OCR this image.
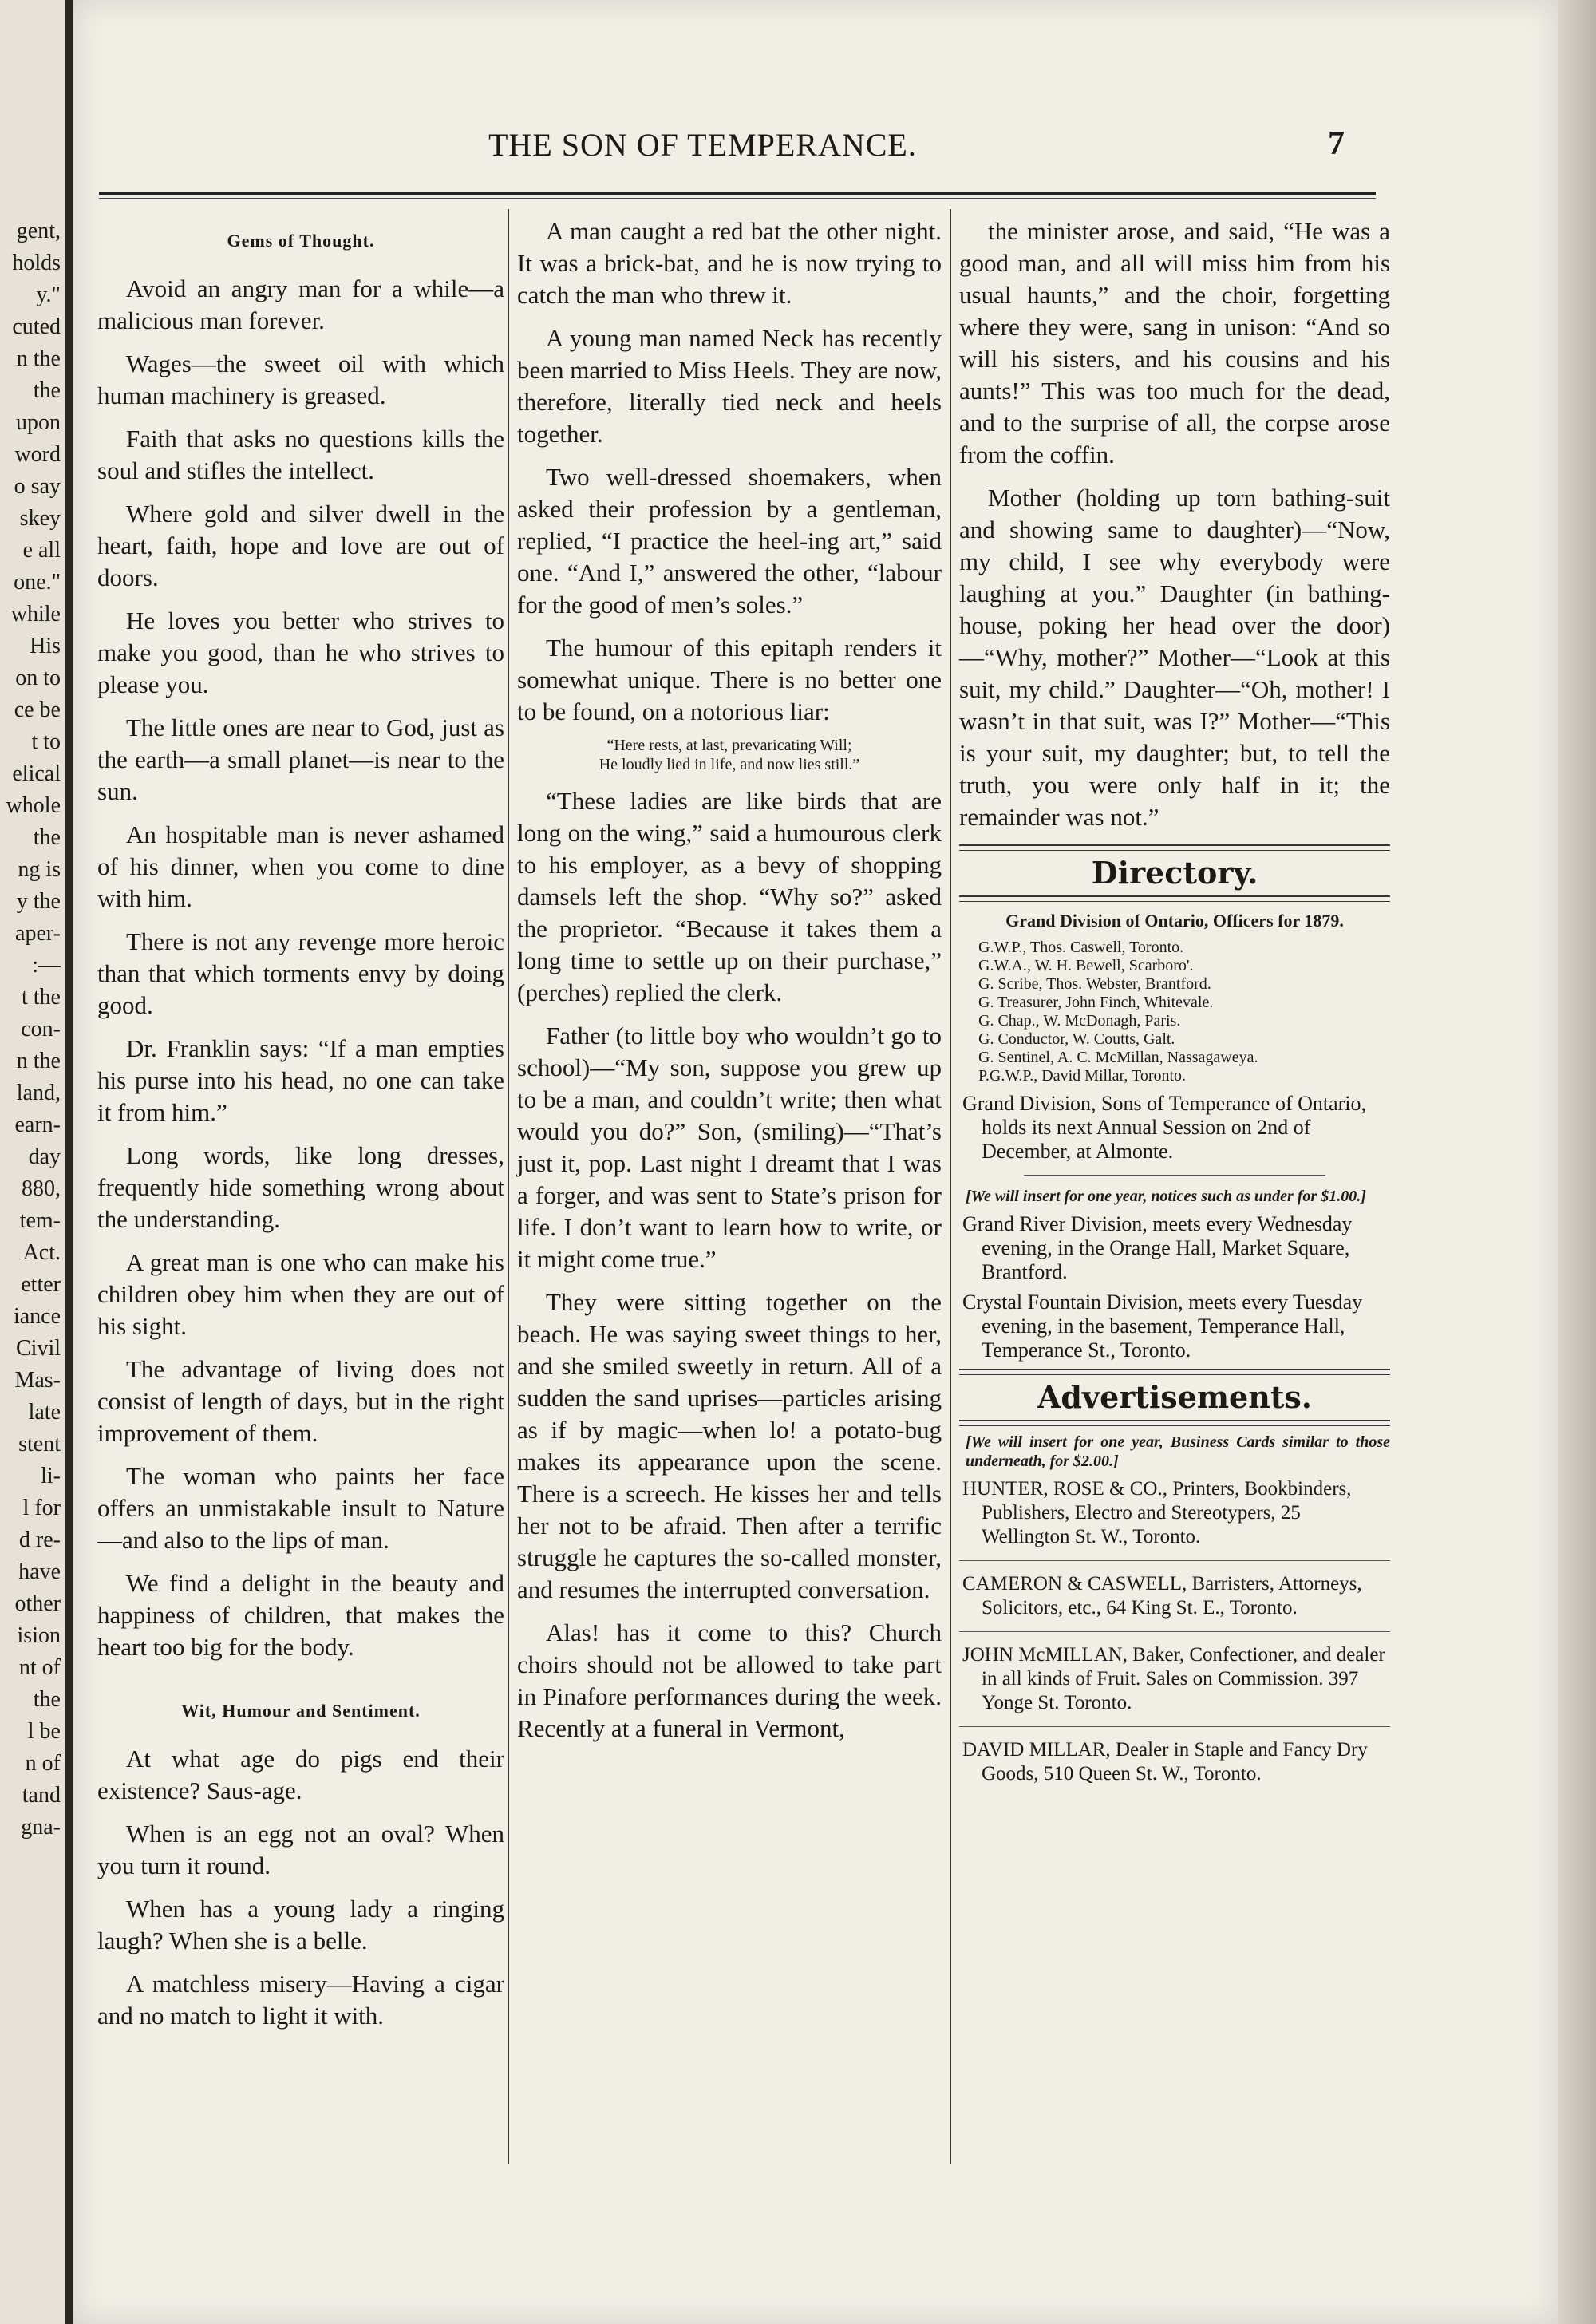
gent,
holds
y."
cuted
n the
the
upon
word
o say
skey
e all
one."
while
His
on to
ce be
t to
elical
whole
the
ng is
y the
aper-
:—
t the
con-
n the
land,
earn-
day
880,
tem-
Act.
etter
iance
Civil
Mas-
late
stent
li-
l for
d re-
have
other
ision
nt of
the
l be
n of
tand
gna-
THE SON OF TEMPERANCE.	7
Gems of Thought.

Avoid an angry man for a while—a malicious man forever.

Wages—the sweet oil with which human machinery is greased.

Faith that asks no questions kills the soul and stifles the intellect.

Where gold and silver dwell in the heart, faith, hope and love are out of doors.

He loves you better who strives to make you good, than he who strives to please you.

The little ones are near to God, just as the earth—a small planet—is near to the sun.

An hospitable man is never ashamed of his dinner, when you come to dine with him.

There is not any revenge more heroic than that which torments envy by doing good.

Dr. Franklin says: “If a man empties his purse into his head, no one can take it from him.”

Long words, like long dresses, frequently hide something wrong about the understanding.

A great man is one who can make his children obey him when they are out of his sight.

The advantage of living does not consist of length of days, but in the right improvement of them.

The woman who paints her face offers an unmistakable insult to Nature—and also to the lips of man.

We find a delight in the beauty and happiness of children, that makes the heart too big for the body.

Wit, Humour and Sentiment.

At what age do pigs end their existence? Saus-age.

When is an egg not an oval? When you turn it round.

When has a young lady a ringing laugh? When she is a belle.

A matchless misery—Having a cigar and no match to light it with.

A man caught a red bat the other night. It was a brick-bat, and he is now trying to catch the man who threw it.

A young man named Neck has recently been married to Miss Heels. They are now, therefore, literally tied neck and heels together.

Two well-dressed shoemakers, when asked their profession by a gentleman, replied, “I practice the heel-ing art,” said one. “And I,” answered the other, “labour for the good of men’s soles.”

The humour of this epitaph renders it somewhat unique. There is no better one to be found, on a notorious liar:

“Here rests, at last, prevaricating Will;
He loudly lied in life, and now lies still.”

“These ladies are like birds that are long on the wing,” said a humourous clerk to his employer, as a bevy of shopping damsels left the shop. “Why so?” asked the proprietor. “Because it takes them a long time to settle up on their purchase,” (perches) replied the clerk.

Father (to little boy who wouldn’t go to school)—“My son, suppose you grew up to be a man, and couldn’t write; then what would you do?” Son, (smiling)—“That’s just it, pop. Last night I dreamt that I was a forger, and was sent to State’s prison for life. I don’t want to learn how to write, or it might come true.”

They were sitting together on the beach. He was saying sweet things to her, and she smiled sweetly in return. All of a sudden the sand uprises—particles arising as if by magic—when lo! a potato-bug makes its appearance upon the scene. There is a screech. He kisses her and tells her not to be afraid. Then after a terrific struggle he captures the so-called monster, and resumes the interrupted conversation.

Alas! has it come to this? Church choirs should not be allowed to take part in Pinafore performances during the week. Recently at a funeral in Vermont,

the minister arose, and said, “He was a good man, and all will miss him from his usual haunts,” and the choir, forgetting where they were, sang in unison: “And so will his sisters, and his cousins and his aunts!” This was too much for the dead, and to the surprise of all, the corpse arose from the coffin.

Mother (holding up torn bathing-suit and showing same to daughter)—“Now, my child, I see why everybody were laughing at you.” Daughter (in bathing-house, poking her head over the door)—“Why, mother?” Mother—“Look at this suit, my child.” Daughter—“Oh, mother! I wasn’t in that suit, was I?” Mother—“This is your suit, my daughter; but, to tell the truth, you were only half in it; the remainder was not.”

Directory.
Grand Division of Ontario, Officers for 1879.
G.W.P., Thos. Caswell, Toronto.
G.W.A., W. H. Bewell, Scarboro'.
G. Scribe, Thos. Webster, Brantford.
G. Treasurer, John Finch, Whitevale.
G. Chap., W. McDonagh, Paris.
G. Conductor, W. Coutts, Galt.
G. Sentinel, A. C. McMillan, Nassagaweya.
P.G.W.P., David Millar, Toronto.
Grand Division, Sons of Temperance of Ontario, holds its next Annual Session on 2nd of December, at Almonte.
[We will insert for one year, notices such as under for $1.00.]
Grand River Division, meets every Wednesday evening, in the Orange Hall, Market Square, Brantford.
Crystal Fountain Division, meets every Tuesday evening, in the basement, Temperance Hall, Temperance St., Toronto.
Advertisements.
[We will insert for one year, Business Cards similar to those underneath, for $2.00.]
HUNTER, ROSE & CO., Printers, Bookbinders, Publishers, Electro and Stereotypers, 25 Wellington St. W., Toronto.
CAMERON & CASWELL, Barristers, Attorneys, Solicitors, etc., 64 King St. E., Toronto.
JOHN McMILLAN, Baker, Confectioner, and dealer in all kinds of Fruit. Sales on Commission. 397 Yonge St. Toronto.
DAVID MILLAR, Dealer in Staple and Fancy Dry Goods, 510 Queen St. W., Toronto.
